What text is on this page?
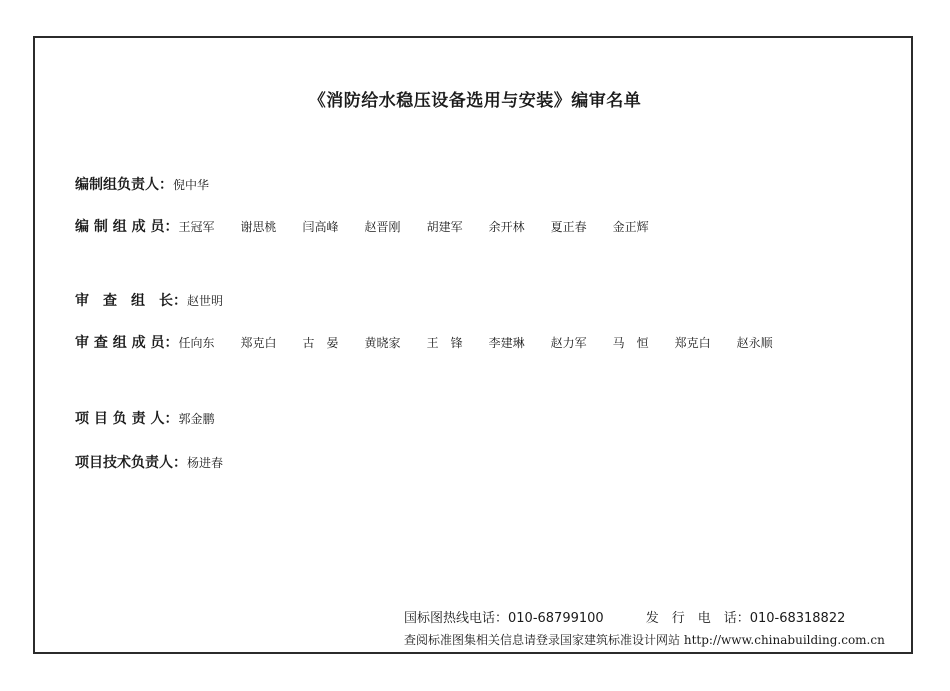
《消防给水稳压设备选用与安装》编审名单
编制组负责人：倪中华
编 制 组 成 员：王冠军 谢思桃 闫高峰 赵晋刚 胡建军 余开林 夏正春 金正辉
审　查　组　长：赵世明
审 查 组 成 员：任向东 郑克白 古　晏 黄晓家 王　锋 李建琳 赵力军 马　恒 郑克白 赵永顺
项 目 负 责 人：郭金鹏
项目技术负责人：杨进春
国标图热线电话：010-68799100	发　行　电　话：010-68318822
查阅标准图集相关信息请登录国家建筑标准设计网站 http://www.chinabuilding.com.cn
